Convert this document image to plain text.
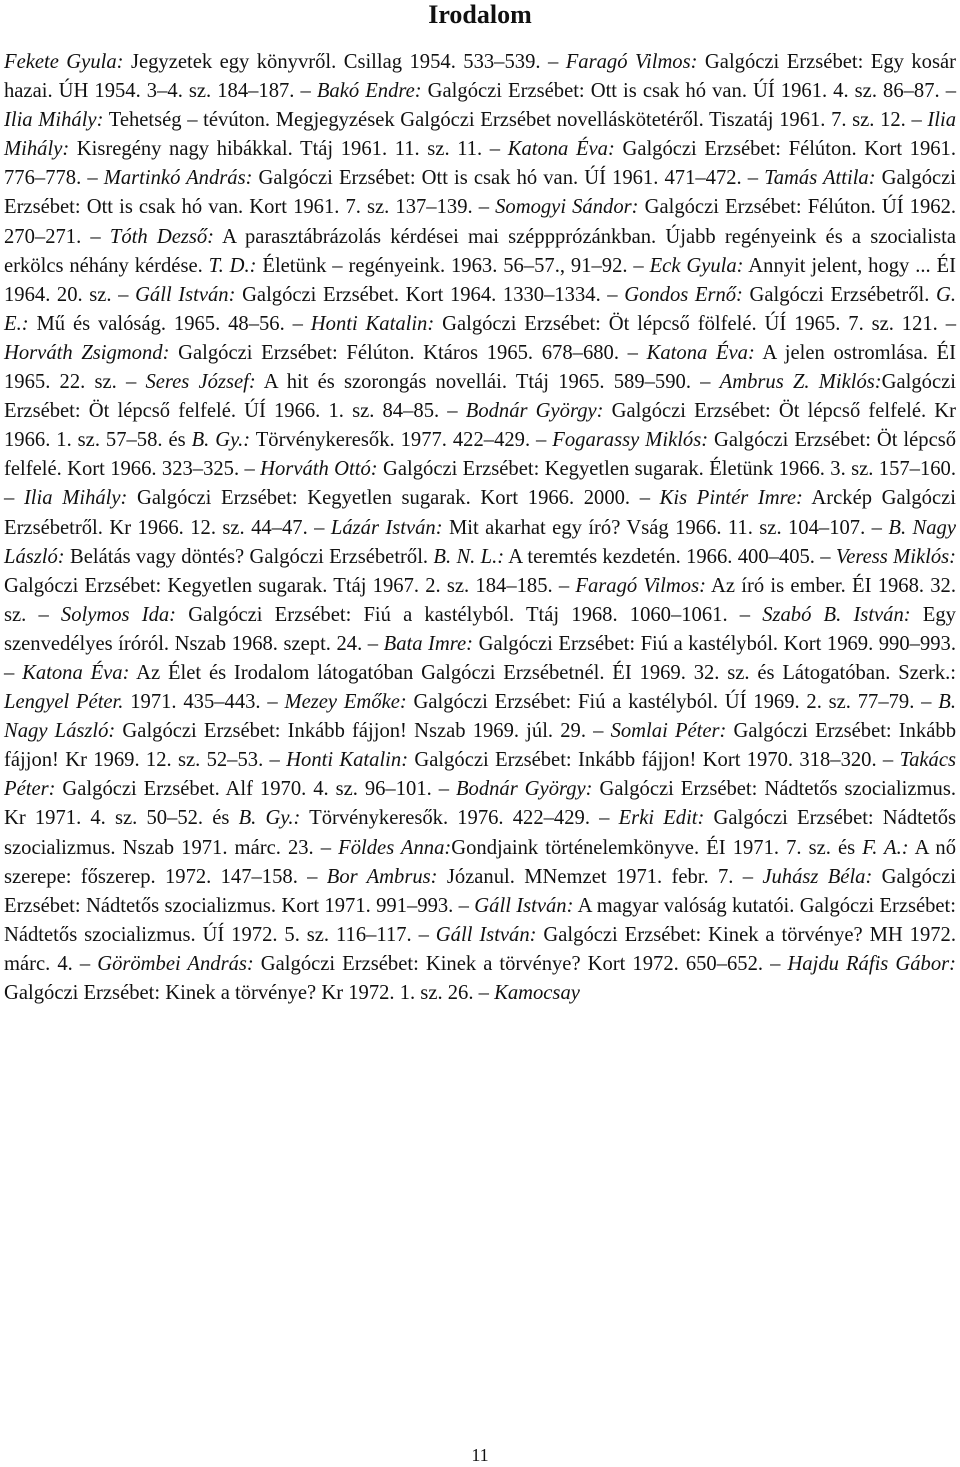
Irodalom

Fekete Gyula: Jegyzetek egy könyvről. Csillag 1954. 533–539. – Faragó Vilmos: Galgóczi Erzsébet: Egy kosár hazai. ÚH 1954. 3–4. sz. 184–187. – Bakó Endre: Galgóczi Erzsébet: Ott is csak hó van. ÚÍ 1961. 4. sz. 86–87. – Ilia Mihály: Tehetség – tévúton. Megjegyzések Galgóczi Erzsébet novelláskötetéről. Tiszatáj 1961. 7. sz. 12. – Ilia Mihály: Kisregény nagy hibákkal. Ttáj 1961. 11. sz. 11. – Katona Éva: Galgóczi Erzsébet: Félúton. Kort 1961. 776–778. – Martinkó András: Galgóczi Erzsébet: Ott is csak hó van. ÚÍ 1961. 471–472. – Tamás Attila: Galgóczi Erzsébet: Ott is csak hó van. Kort 1961. 7. sz. 137–139. – Somogyi Sándor: Galgóczi Erzsébet: Félúton. ÚÍ 1962. 270–271. – Tóth Dezső: A parasztábrázolás kérdései mai széppprózánkban. Újabb regényeink és a szocialista erkölcs néhány kérdése. T. D.: Életünk – regényeink. 1963. 56–57., 91–92. – Eck Gyula: Annyit jelent, hogy ... ÉI 1964. 20. sz. – Gáll István: Galgóczi Erzsébet. Kort 1964. 1330–1334. – Gondos Ernő: Galgóczi Erzsébetről. G. E.: Mű és valóság. 1965. 48–56. – Honti Katalin: Galgóczi Erzsébet: Öt lépcső fölfelé. ÚÍ 1965. 7. sz. 121. – Horváth Zsigmond: Galgóczi Erzsébet: Félúton. Ktáros 1965. 678–680. – Katona Éva: A jelen ostromlása. ÉI 1965. 22. sz. – Seres József: A hit és szorongás novellái. Ttáj 1965. 589–590. – Ambrus Z. Miklós:Galgóczi Erzsébet: Öt lépcső felfelé. ÚÍ 1966. 1. sz. 84–85. – Bodnár György: Galgóczi Erzsébet: Öt lépcső felfelé. Kr 1966. 1. sz. 57–58. és B. Gy.: Törvénykeresők. 1977. 422–429. – Fogarassy Miklós: Galgóczi Erzsébet: Öt lépcső felfelé. Kort 1966. 323–325. – Horváth Ottó: Galgóczi Erzsébet: Kegyetlen sugarak. Életünk 1966. 3. sz. 157–160. – Ilia Mihály: Galgóczi Erzsébet: Kegyetlen sugarak. Kort 1966. 2000. – Kis Pintér Imre: Arckép Galgóczi Erzsébetről. Kr 1966. 12. sz. 44–47. – Lázár István: Mit akarhat egy író? Vság 1966. 11. sz. 104–107. – B. Nagy László: Belátás vagy döntés? Galgóczi Erzsébetről. B. N. L.: A teremtés kezdetén. 1966. 400–405. – Veress Miklós: Galgóczi Erzsébet: Kegyetlen sugarak. Ttáj 1967. 2. sz. 184–185. – Faragó Vilmos: Az író is ember. ÉI 1968. 32. sz. – Solymos Ida: Galgóczi Erzsébet: Fiú a kastélyból. Ttáj 1968. 1060–1061. – Szabó B. István: Egy szenvedélyes íróról. Nszab 1968. szept. 24. – Bata Imre: Galgóczi Erzsébet: Fiú a kastélyból. Kort 1969. 990–993. – Katona Éva: Az Élet és Irodalom látogatóban Galgóczi Erzsébetnél. ÉI 1969. 32. sz. és Látogatóban. Szerk.: Lengyel Péter. 1971. 435–443. – Mezey Emőke: Galgóczi Erzsébet: Fiú a kastélyból. ÚÍ 1969. 2. sz. 77–79. – B. Nagy László: Galgóczi Erzsébet: Inkább fájjon! Nszab 1969. júl. 29. – Somlai Péter: Galgóczi Erzsébet: Inkább fájjon! Kr 1969. 12. sz. 52–53. – Honti Katalin: Galgóczi Erzsébet: Inkább fájjon! Kort 1970. 318–320. – Takács Péter: Galgóczi Erzsébet. Alf 1970. 4. sz. 96–101. – Bodnár György: Galgóczi Erzsébet: Nádtetős szocializmus. Kr 1971. 4. sz. 50–52. és B. Gy.: Törvénykeresők. 1976. 422–429. – Erki Edit: Galgóczi Erzsébet: Nádtetős szocializmus. Nszab 1971. márc. 23. – Földes Anna:Gondjaink történelemkönyve. ÉI 1971. 7. sz. és F. A.: A nő szerepe: főszerep. 1972. 147–158. – Bor Ambrus: Józanul. MNemzet 1971. febr. 7. – Juhász Béla: Galgóczi Erzsébet: Nádtetős szocializmus. Kort 1971. 991–993. – Gáll István: A magyar valóság kutatói. Galgóczi Erzsébet: Nádtetős szocializmus. ÚÍ 1972. 5. sz. 116–117. – Gáll István: Galgóczi Erzsébet: Kinek a törvénye? MH 1972. márc. 4. – Görömbei András: Galgóczi Erzsébet: Kinek a törvénye? Kort 1972. 650–652. – Hajdu Ráfis Gábor: Galgóczi Erzsébet: Kinek a törvénye? Kr 1972. 1. sz. 26. – Kamocsay

11
